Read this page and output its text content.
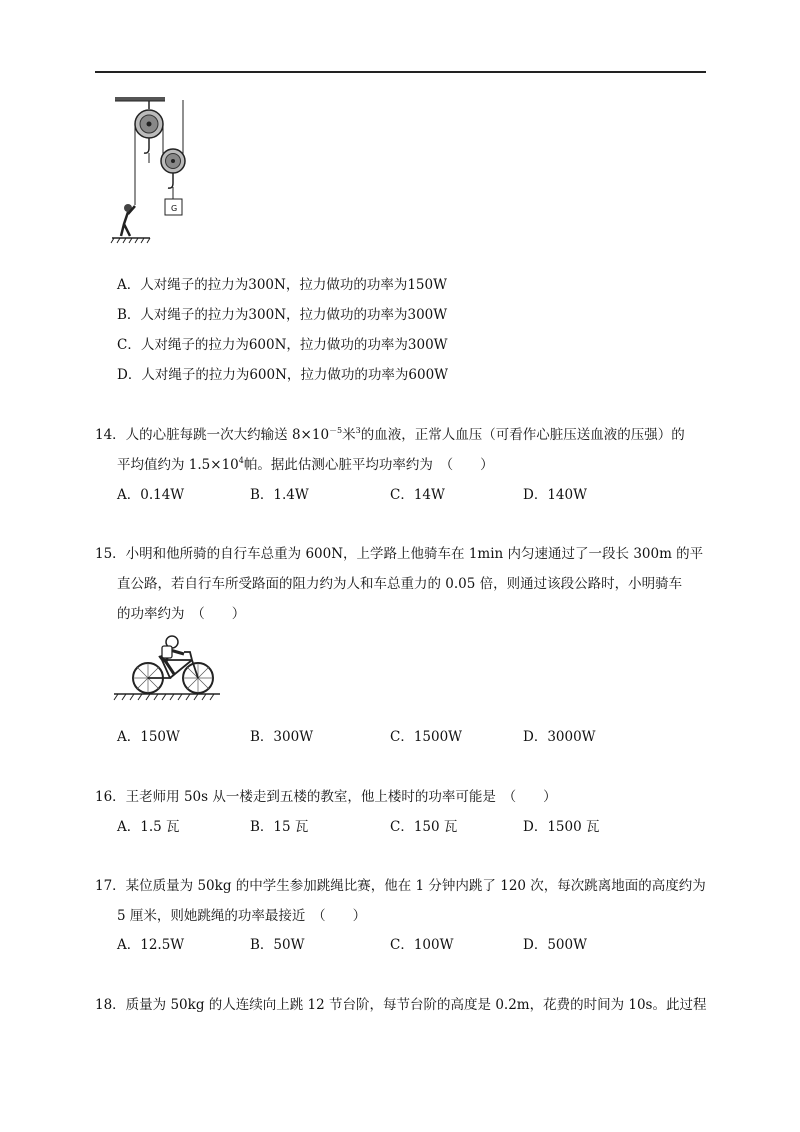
G
A．人对绳子的拉力为300N，拉力做功的功率为150W
B．人对绳子的拉力为300N，拉力做功的功率为300W
C．人对绳子的拉力为600N，拉力做功的功率为300W
D．人对绳子的拉力为600N，拉力做功的功率为600W
14．人的心脏每跳一次大约输送 $8\times 10^{-5}$米$^3$的血液，正常人血压（可看作心脏压送血液的压强）的
平均值约为 $1.5\times 10^4$帕。据此估测心脏平均功率约为　（　　）
A．0.14W	B．1.4W	C．14W	D．140W
15．小明和他所骑的自行车总重为 600N，上学路上他骑车在 1min 内匀速通过了一段长 300m 的平
直公路，若自行车所受路面的阻力约为人和车总重力的 0.05 倍，则通过该段公路时，小明骑车
的功率约为　（　　）
A．150W	B．300W	C．1500W	D．3000W
16．王老师用 50s 从一楼走到五楼的教室，他上楼时的功率可能是　（　　）
A．1.5 瓦	B．15 瓦	C．150 瓦	D．1500 瓦
17．某位质量为 50kg 的中学生参加跳绳比赛，他在 1 分钟内跳了 120 次，每次跳离地面的高度约为
5 厘米，则她跳绳的功率最接近　（　　）
A．12.5W	B．50W	C．100W	D．500W
18．质量为 50kg 的人连续向上跳 12 节台阶，每节台阶的高度是 0.2m，花费的时间为 10s。此过程
